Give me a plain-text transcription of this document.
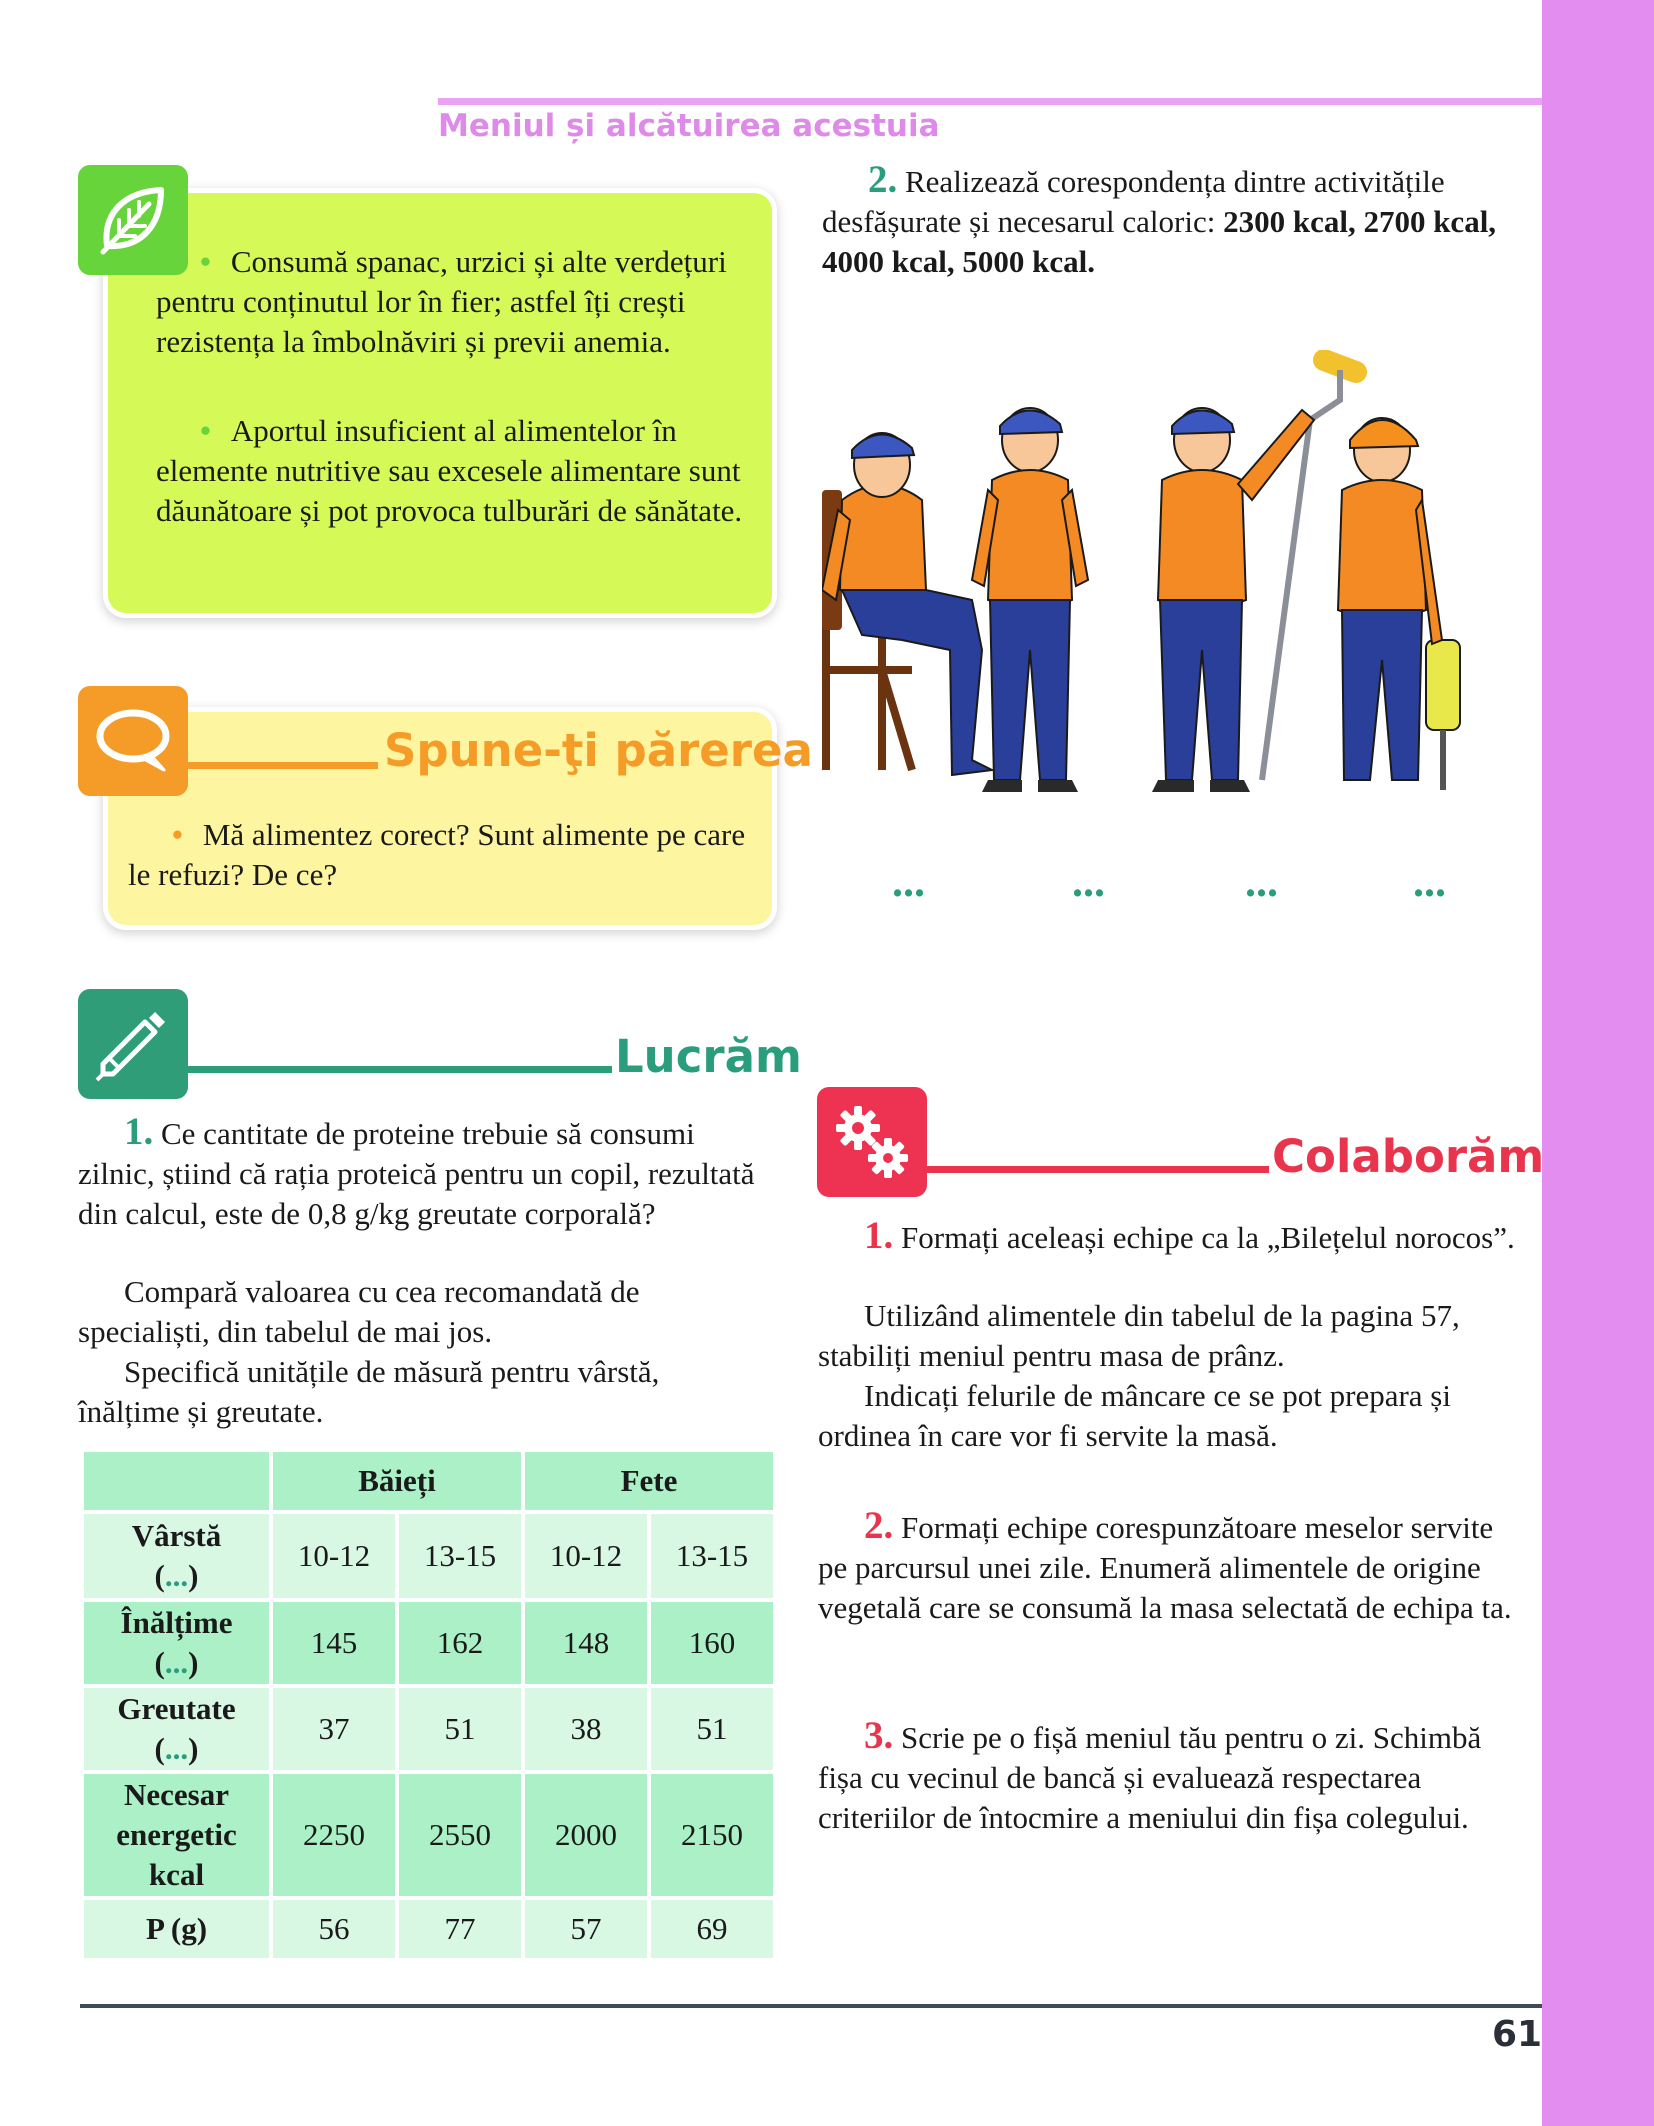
Meniul și alcătuirea acestuia
• Consumă spanac, urzici și alte verdețuri pentru conținutul lor în fier; astfel îți crești rezistența la îmbolnăviri și previi anemia.
• Aportul insuficient al alimentelor în elemente nutritive sau excesele alimentare sunt dăunătoare și pot provoca tulburări de sănătate.
Spune-ţi părerea
• Mă alimentez corect? Sunt alimente pe care le refuzi? De ce?
Lucrăm

1. Ce cantitate de proteine trebuie să consumi zilnic, știind că rația proteică pentru un copil, rezultată din calcul, este de 0,8 g/kg greutate corporală?

Compară valoarea cu cea recomandată de specialiști, din tabelul de mai jos.

Specifică unitățile de măsură pentru vârstă, înălțime și greutate.

	Băieți		Fete	
Vârstă
(...)	10-12	13-15	10-12	13-15
Înălțime
(...)	145	162	148	160
Greutate
(...)	37	51	38	51
Necesar
energetic
kcal	2250	2550	2000	2150
P (g)	56	77	57	69

2. Realizează corespondența dintre activitățile desfășurate și necesarul caloric: 2300 kcal, 2700 kcal, 4000 kcal, 5000 kcal.

...	...	...	...
Colaborăm

1. Formați aceleași echipe ca la „Bilețelul norocos”.

Utilizând alimentele din tabelul de la pagina 57, stabiliți meniul pentru masa de prânz.

Indicați felurile de mâncare ce se pot prepara și ordinea în care vor fi servite la masă.

2. Formați echipe corespunzătoare meselor servite pe parcursul unei zile. Enumeră alimentele de origine vegetală care se consumă la masa selectată de echipa ta.

3. Scrie pe o fișă meniul tău pentru o zi. Schimbă fișa cu vecinul de bancă și evaluează respectarea criteriilor de întocmire a meniului din fișa colegului.

61
